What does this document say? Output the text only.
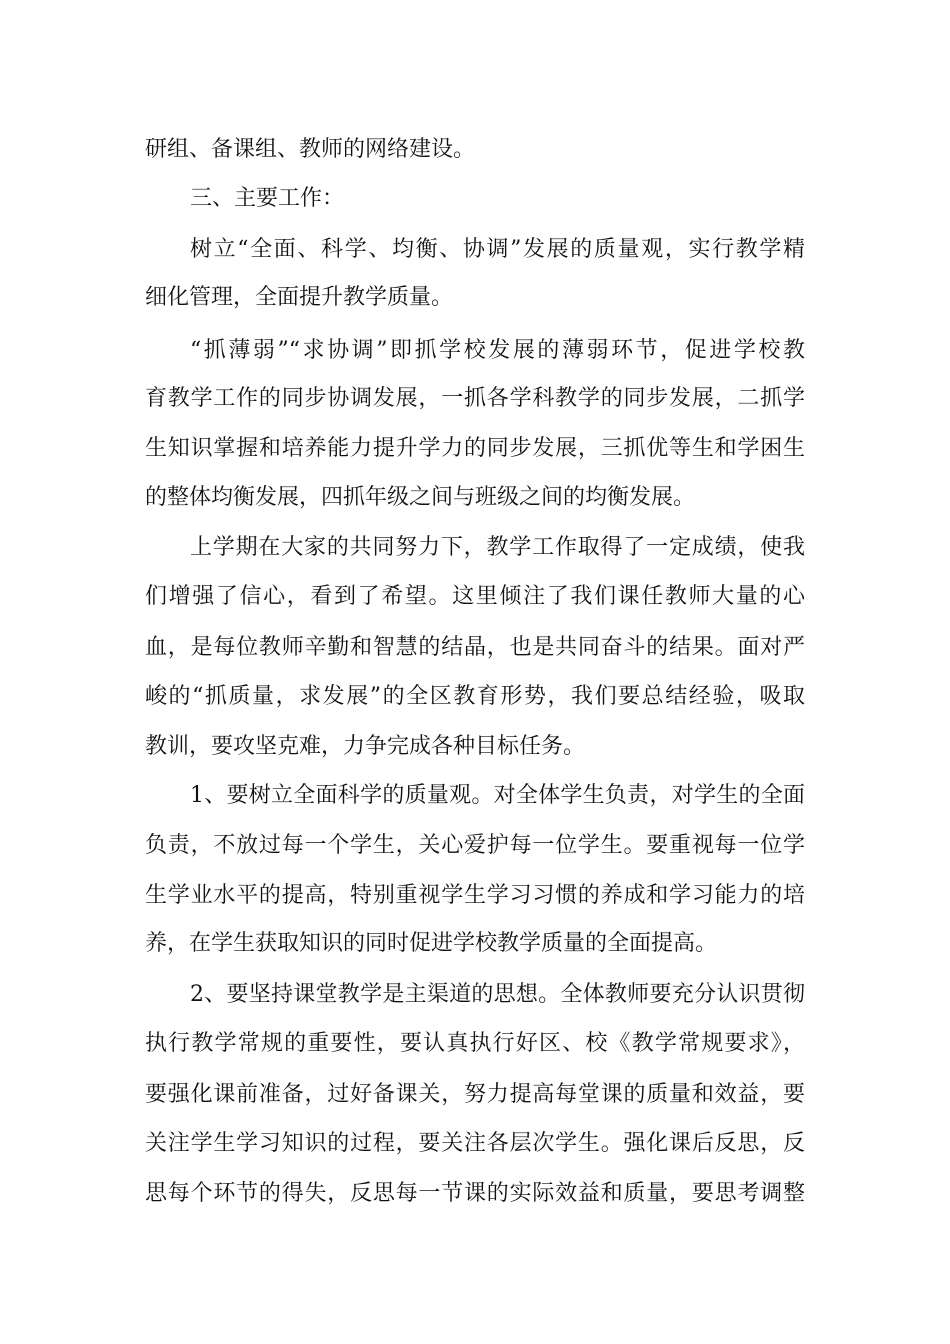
研组、备课组、教师的网络建设。
三、主要工作：
树立“全面、科学、均衡、协调”发展的质量观，实行教学精
细化管理，全面提升教学质量。
“抓薄弱”“求协调”即抓学校发展的薄弱环节，促进学校教
育教学工作的同步协调发展，一抓各学科教学的同步发展，二抓学
生知识掌握和培养能力提升学力的同步发展，三抓优等生和学困生
的整体均衡发展，四抓年级之间与班级之间的均衡发展。
上学期在大家的共同努力下，教学工作取得了一定成绩，使我
们增强了信心，看到了希望。这里倾注了我们课任教师大量的心
血，是每位教师辛勤和智慧的结晶，也是共同奋斗的结果。面对严
峻的“抓质量，求发展”的全区教育形势，我们要总结经验，吸取
教训，要攻坚克难，力争完成各种目标任务。
1、要树立全面科学的质量观。对全体学生负责，对学生的全面
负责，不放过每一个学生，关心爱护每一位学生。要重视每一位学
生学业水平的提高，特别重视学生学习习惯的养成和学习能力的培
养，在学生获取知识的同时促进学校教学质量的全面提高。
2、要坚持课堂教学是主渠道的思想。全体教师要充分认识贯彻
执行教学常规的重要性，要认真执行好区、校《教学常规要求》，
要强化课前准备，过好备课关，努力提高每堂课的质量和效益，要
关注学生学习知识的过程，要关注各层次学生。强化课后反思，反
思每个环节的得失，反思每一节课的实际效益和质量，要思考调整
